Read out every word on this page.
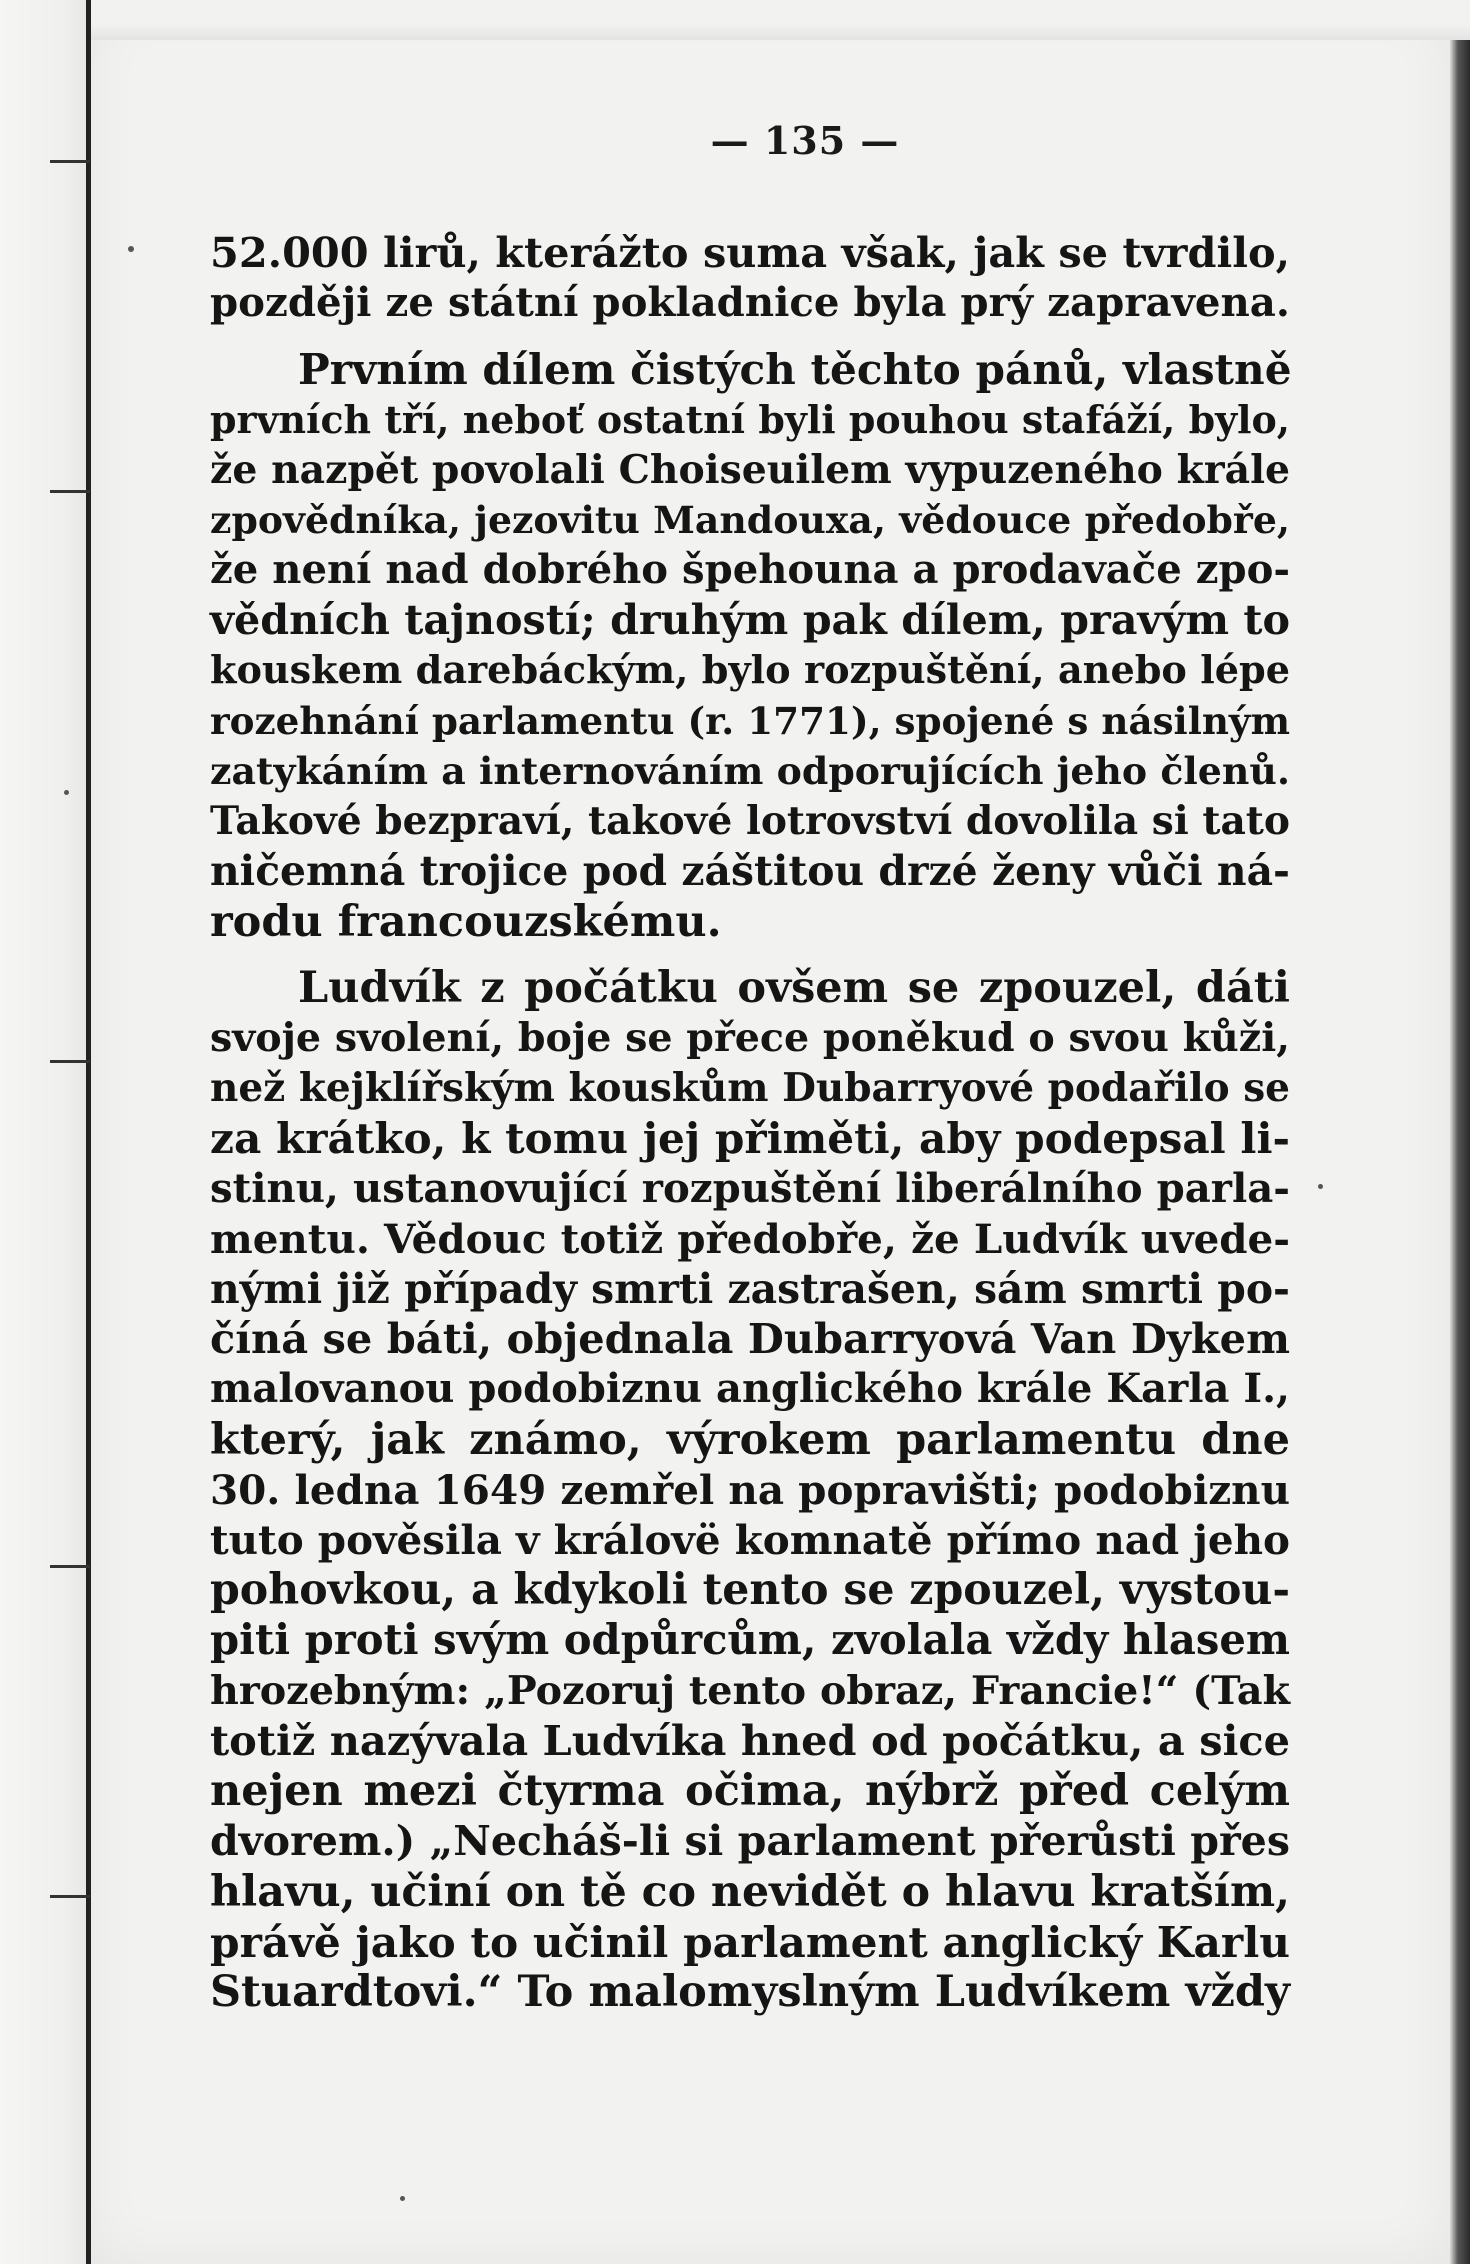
— 135 —
52.000 lirů, kterážto suma však, jak se tvrdilo,
později ze státní pokladnice byla prý zapravena.
Prvním dílem čistých těchto pánů, vlastně
prvních tří, neboť ostatní byli pouhou stafáží, bylo,
že nazpět povolali Choiseuilem vypuzeného krále
zpovědníka, jezovitu Mandouxa, vědouce předobře,
že není nad dobrého špehouna a prodavače zpo-
vědních tajností; druhým pak dílem, pravým to
kouskem darebáckým, bylo rozpuštění, anebo lépe
rozehnání parlamentu (r. 1771), spojené s násilným
zatykáním a internováním odporujících jeho členů.
Takové bezpraví, takové lotrovství dovolila si tato
ničemná trojice pod záštitou drzé ženy vůči ná-
rodu francouzskému.
Ludvík z počátku ovšem se zpouzel, dáti
svoje svolení, boje se přece poněkud o svou kůži,
než kejklířským kouskům Dubarryové podařilo se
za krátko, k tomu jej přiměti, aby podepsal li-
stinu, ustanovující rozpuštění liberálního parla-
mentu. Vědouc totiž předobře, že Ludvík uvede-
nými již případy smrti zastrašen, sám smrti po-
číná se báti, objednala Dubarryová Van Dykem
malovanou podobiznu anglického krále Karla I.,
který, jak známo, výrokem parlamentu dne
30. ledna 1649 zemřel na popravišti; podobiznu
tuto pověsila v královë komnatě přímo nad jeho
pohovkou, a kdykoli tento se zpouzel, vystou-
piti proti svým odpůrcům, zvolala vždy hlasem
hrozebným: „Pozoruj tento obraz, Francie!“ (Tak
totiž nazývala Ludvíka hned od počátku, a sice
nejen mezi čtyrma očima, nýbrž před celým
dvorem.) „Necháš-li si parlament přerůsti přes
hlavu, učiní on tě co nevidět o hlavu kratším,
právě jako to učinil parlament anglický Karlu
Stuardtovi.“ To malomyslným Ludvíkem vždy
